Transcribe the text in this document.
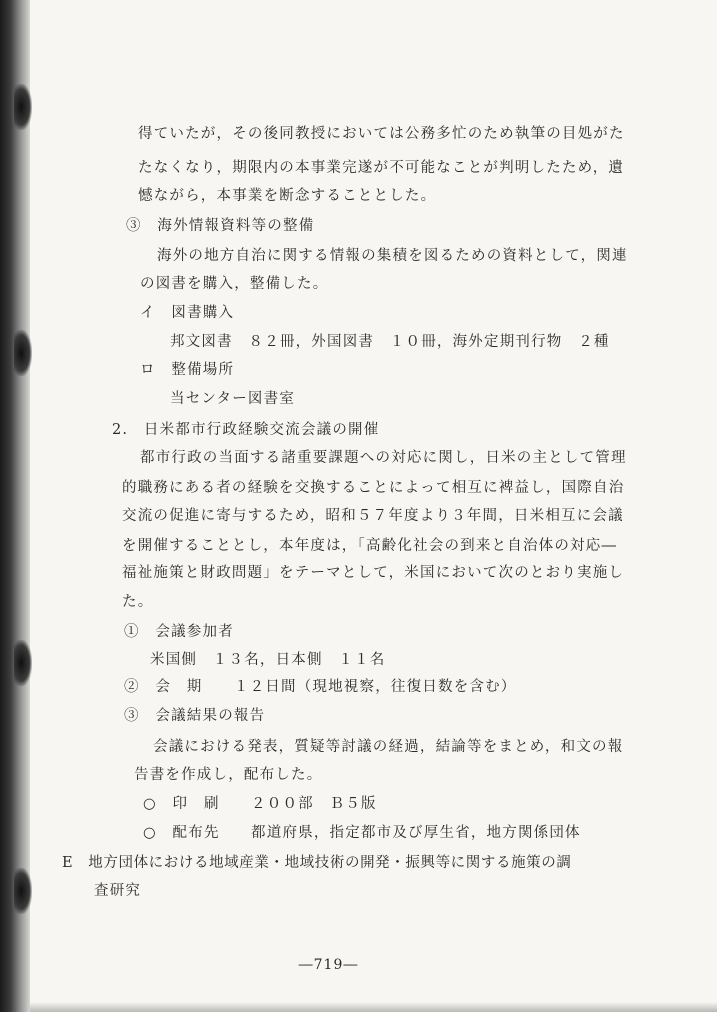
得ていたが，その後同教授においては公務多忙のため執筆の目処がた
たなくなり，期限内の本事業完遂が不可能なことが判明したため，遺
憾ながら，本事業を断念することとした。
③　海外情報資料等の整備
海外の地方自治に関する情報の集積を図るための資料として，関連
の図書を購入，整備した。
イ　図書購入
邦文図書　８２冊，外国図書　１０冊，海外定期刊行物　２種
ロ　整備場所
当センター図書室
2.　日米都市行政経験交流会議の開催
都市行政の当面する諸重要課題への対応に関し，日米の主として管理
的職務にある者の経験を交換することによって相互に裨益し，国際自治
交流の促進に寄与するため，昭和５７年度より３年間，日米相互に会議
を開催することとし，本年度は，「高齢化社会の到来と自治体の対応―
福祉施策と財政問題」をテーマとして，米国において次のとおり実施し
た。
①　会議参加者
米国側　１３名，日本側　１１名
②　会　期　　１２日間（現地視察，往復日数を含む）
③　会議結果の報告
会議における発表，質疑等討議の経過，結論等をまとめ，和文の報
告書を作成し，配布した。
○　印　刷　　２００部　Ｂ５版
○　配布先　　都道府県，指定都市及び厚生省，地方関係団体
E　地方団体における地域産業・地域技術の開発・振興等に関する施策の調
査研究
―719―
